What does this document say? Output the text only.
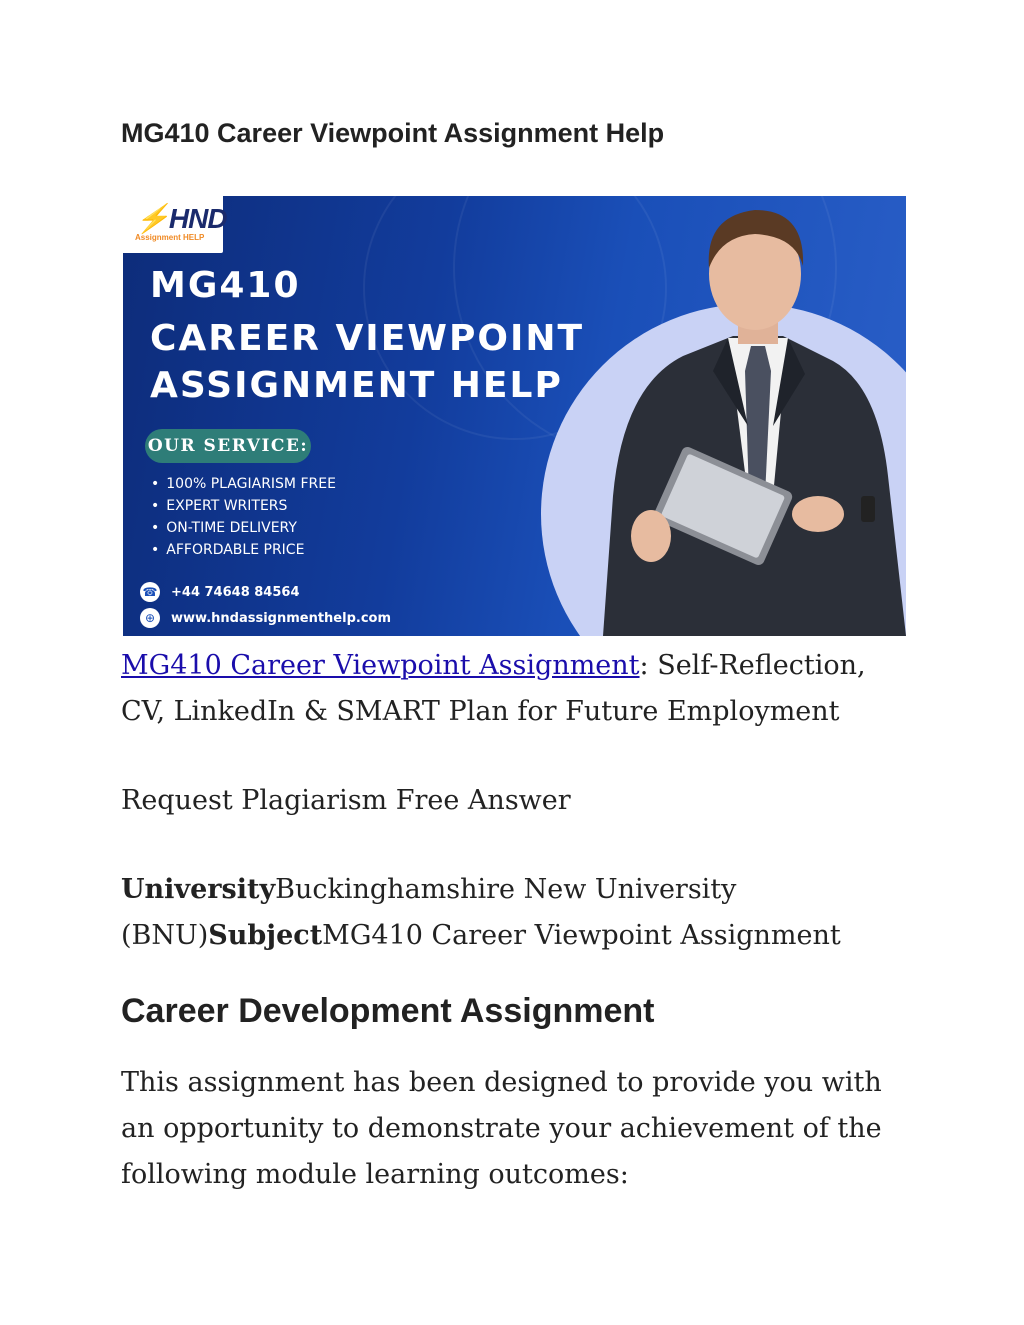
MG410 Career Viewpoint Assignment Help
⚡HND
Assignment HELP
MG410
CAREER VIEWPOINT
ASSIGNMENT HELP
OUR SERVICE:
• 100% PLAGIARISM FREE
• EXPERT WRITERS
• ON-TIME DELIVERY
• AFFORDABLE PRICE
☎ +44 74648 84564
⊕	www.hndassignmenthelp.com

MG410 Career Viewpoint Assignment: Self-Reflection, CV, LinkedIn & SMART Plan for Future Employment

Request Plagiarism Free Answer

UniversityBuckinghamshire New University (BNU)SubjectMG410 Career Viewpoint Assignment

Career Development Assignment

This assignment has been designed to provide you with an opportunity to demonstrate your achievement of the following module learning outcomes:
